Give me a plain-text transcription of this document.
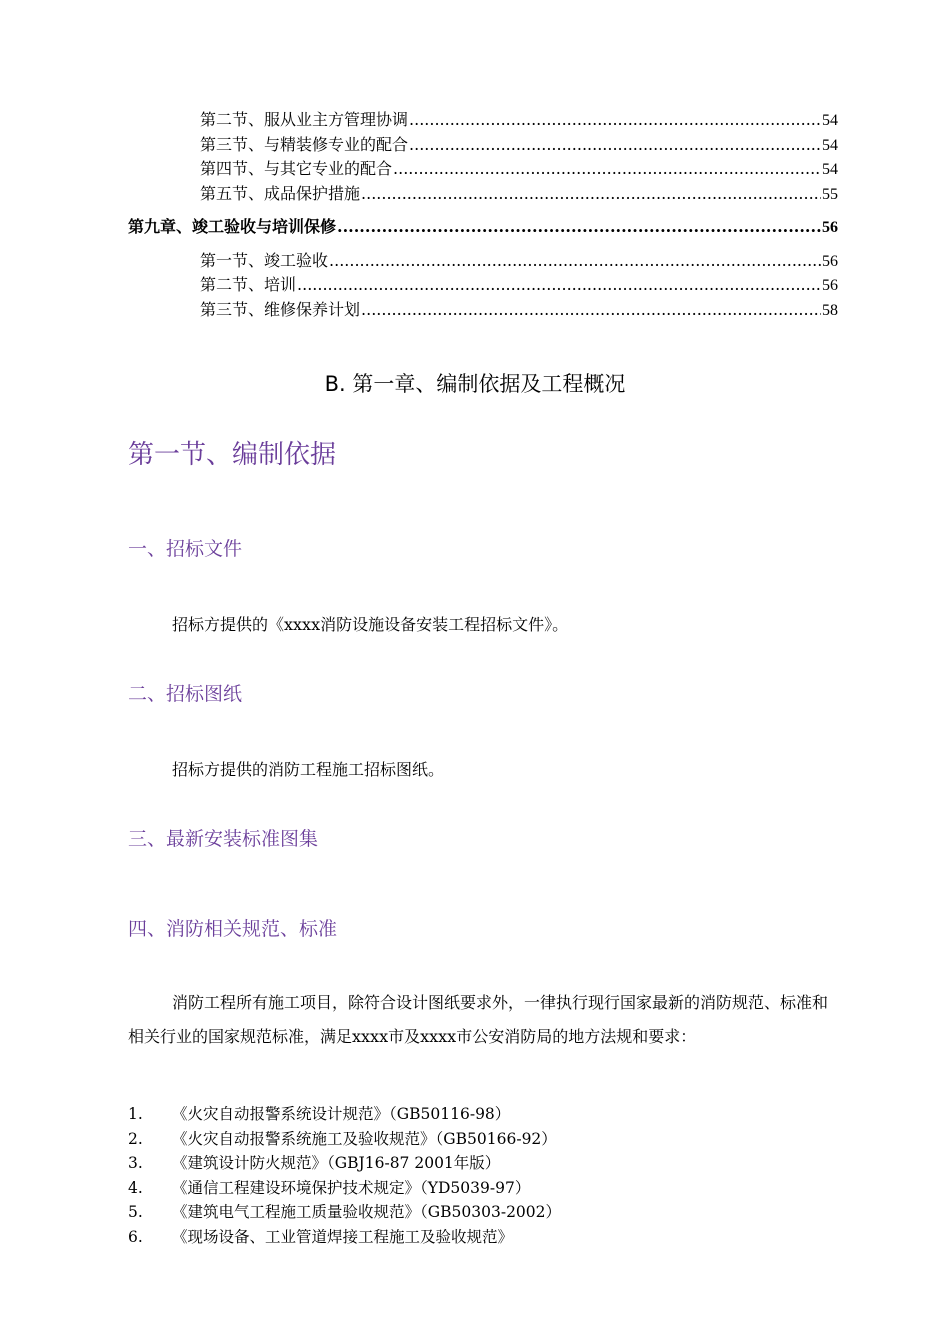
第二节、服从业主方管理协调 .....	54
第三节、与精装修专业的配合 .....	54
第四节、与其它专业的配合 .....	54
第五节、成品保护措施 .....	55
第九章、竣工验收与培训保修 .....	56
第一节、竣工验收 .....	56
第二节、培训 .....	56
第三节、维修保养计划 .....	58
B. 第一章、编制依据及工程概况
第一节、编制依据
一、招标文件
招标方提供的《xxxx消防设施设备安装工程招标文件》。
二、招标图纸
招标方提供的消防工程施工招标图纸。
三、最新安装标准图集
四、消防相关规范、标准
消防工程所有施工项目，除符合设计图纸要求外，一律执行现行国家最新的消防规范、标准和相关行业的国家规范标准，满足xxxx市及xxxx市公安消防局的地方法规和要求：
1.	《火灾自动报警系统设计规范》（GB50116-98）
2.	《火灾自动报警系统施工及验收规范》（GB50166-92）
3.	《建筑设计防火规范》（GBJ16-87 2001年版）
4.	《通信工程建设环境保护技术规定》（YD5039-97）
5.	《建筑电气工程施工质量验收规范》（GB50303-2002）
6.	《现场设备、工业管道焊接工程施工及验收规范》
